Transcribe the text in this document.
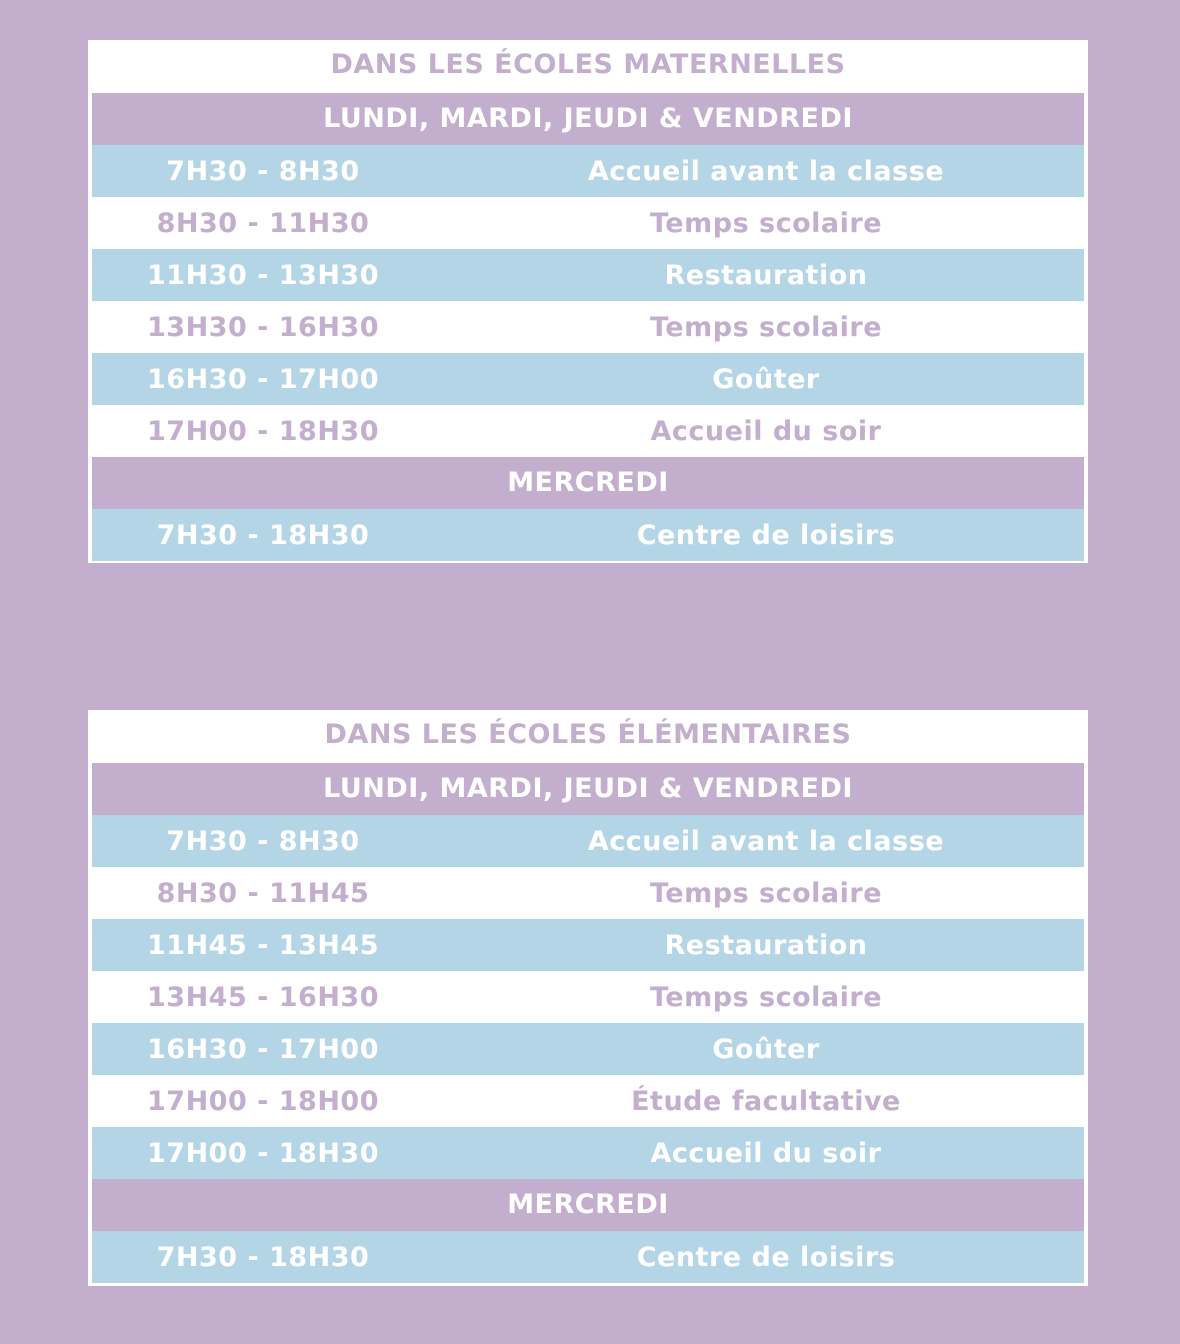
DANS LES ÉCOLES MATERNELLES
LUNDI, MARDI, JEUDI & VENDREDI
7H30 - 8H30	Accueil avant la classe
8H30 - 11H30	Temps scolaire
11H30 - 13H30	Restauration
13H30 - 16H30	Temps scolaire
16H30 - 17H00	Goûter
17H00 - 18H30	Accueil du soir
MERCREDI
7H30 - 18H30	Centre de loisirs
DANS LES ÉCOLES ÉLÉMENTAIRES
LUNDI, MARDI, JEUDI & VENDREDI
7H30 - 8H30	Accueil avant la classe
8H30 - 11H45	Temps scolaire
11H45 - 13H45	Restauration
13H45 - 16H30	Temps scolaire
16H30 - 17H00	Goûter
17H00 - 18H00	Étude facultative
17H00 - 18H30	Accueil du soir
MERCREDI
7H30 - 18H30	Centre de loisirs
